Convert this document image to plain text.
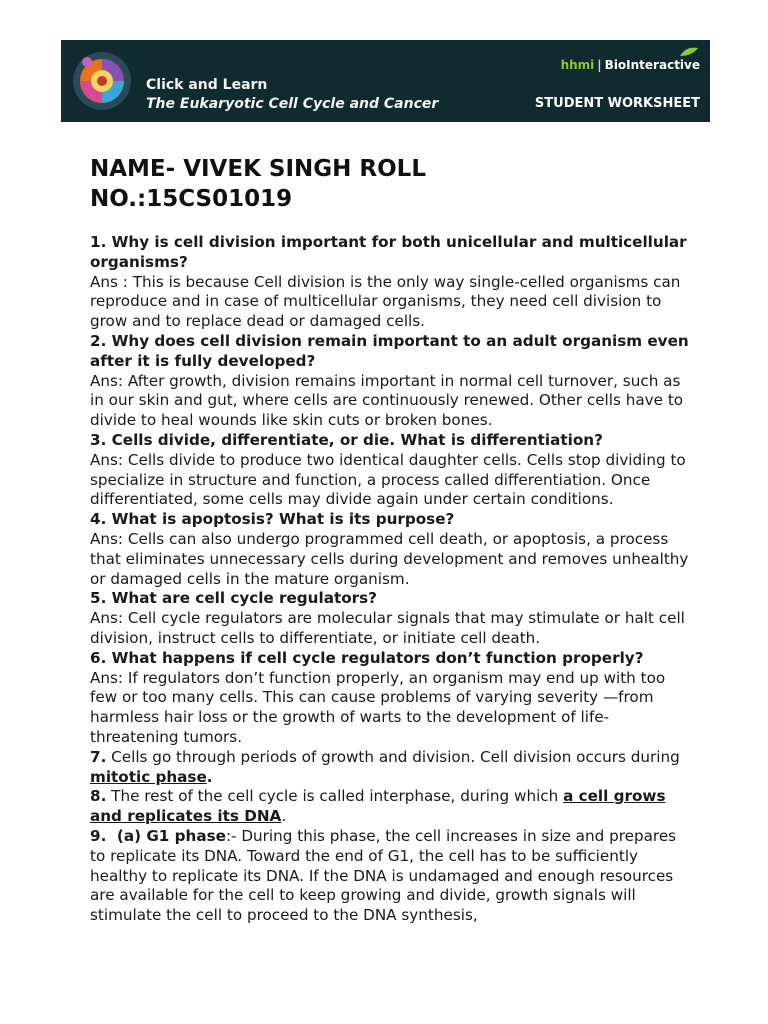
Click and Learn
The Eukaryotic Cell Cycle and Cancer
hhmi | BioInteractive
STUDENT WORKSHEET
NAME- VIVEK SINGH ROLL NO.:15CS01019

1. Why is cell division important for both unicellular and multicellular organisms?

Ans : This is because Cell division is the only way single-celled organisms can reproduce and in case of multicellular organisms, they need cell division to grow and to replace dead or damaged cells.

2. Why does cell division remain important to an adult organism even after it is fully developed?

Ans: After growth, division remains important in normal cell turnover, such as in our skin and gut, where cells are continuously renewed. Other cells have to divide to heal wounds like skin cuts or broken bones.

3. Cells divide, differentiate, or die. What is differentiation?

Ans: Cells divide to produce two identical daughter cells. Cells stop dividing to specialize in structure and function, a process called differentiation. Once differentiated, some cells may divide again under certain conditions.

4. What is apoptosis? What is its purpose?

Ans: Cells can also undergo programmed cell death, or apoptosis, a process that eliminates unnecessary cells during development and removes unhealthy or damaged cells in the mature organism.

5. What are cell cycle regulators?

Ans: Cell cycle regulators are molecular signals that may stimulate or halt cell division, instruct cells to differentiate, or initiate cell death.

6. What happens if cell cycle regulators don’t function properly?

Ans: If regulators don’t function properly, an organism may end up with too few or too many cells. This can cause problems of varying severity —from harmless hair loss or the growth of warts to the development of life-threatening tumors.

7. Cells go through periods of growth and division. Cell division occurs during mitotic phase.

8. The rest of the cell cycle is called interphase, during which a cell grows and replicates its DNA.

9.  (a) G1 phase:- During this phase, the cell increases in size and prepares to replicate its DNA. Toward the end of G1, the cell has to be sufficiently healthy to replicate its DNA. If the DNA is undamaged and enough resources are available for the cell to keep growing and divide, growth signals will stimulate the cell to proceed to the DNA synthesis,
